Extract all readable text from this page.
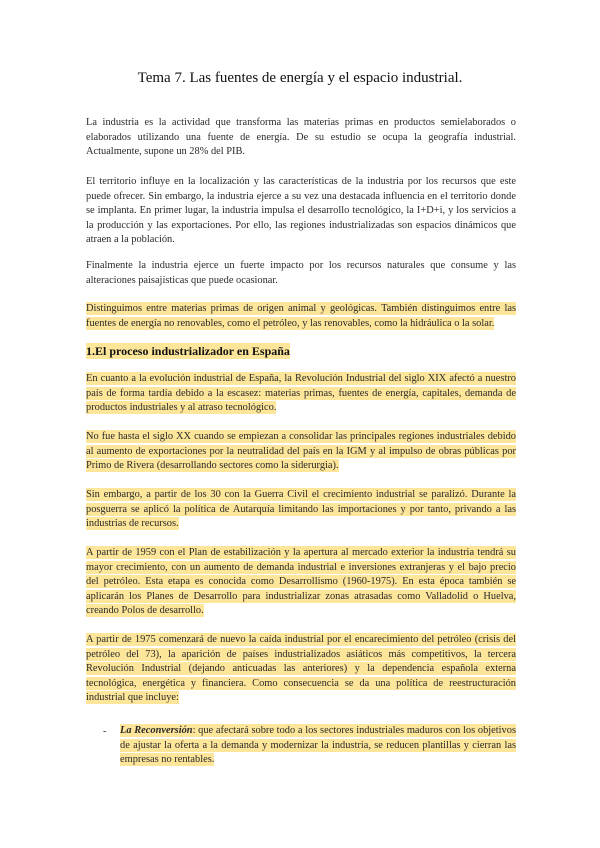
Tema 7. Las fuentes de energía y el espacio industrial.

La industria es la actividad que transforma las materias primas en productos semielaborados o elaborados utilizando una fuente de energía. De su estudio se ocupa la geografía industrial. Actualmente, supone un 28% del PIB.

El territorio influye en la localización y las características de la industria por los recursos que este puede ofrecer. Sin embargo, la industria ejerce a su vez una destacada influencia en el territorio donde se implanta. En primer lugar, la industria impulsa el desarrollo tecnológico, la I+D+i, y los servicios a la producción y las exportaciones. Por ello, las regiones industrializadas son espacios dinámicos que atraen a la población.

Finalmente la industria ejerce un fuerte impacto por los recursos naturales que consume y las alteraciones paisajísticas que puede ocasionar.

Distinguimos entre materias primas de origen animal y geológicas. También distinguimos entre las fuentes de energía no renovables, como el petróleo, y las renovables, como la hidráulica o la solar.

1.El proceso industrializador en España

En cuanto a la evolución industrial de España, la Revolución Industrial del siglo XIX afectó a nuestro país de forma tardía debido a la escasez: materias primas, fuentes de energía, capitales, demanda de productos industriales y al atraso tecnológico.

No fue hasta el siglo XX cuando se empiezan a consolidar las principales regiones industriales debido al aumento de exportaciones por la neutralidad del país en la IGM y al impulso de obras públicas por Primo de Rivera (desarrollando sectores como la siderurgia).

Sin embargo, a partir de los 30 con la Guerra Civil el crecimiento industrial se paralizó. Durante la posguerra se aplicó la política de Autarquía limitando las importaciones y por tanto, privando a las industrias de recursos.

A partir de 1959 con el Plan de estabilización y la apertura al mercado exterior la industria tendrá su mayor crecimiento, con un aumento de demanda industrial e inversiones extranjeras y el bajo precio del petróleo. Esta etapa es conocida como Desarrollismo (1960-1975). En esta época también se aplicarán los Planes de Desarrollo para industrializar zonas atrasadas como Valladolid o Huelva, creando Polos de desarrollo.

A partir de 1975 comenzará de nuevo la caída industrial por el encarecimiento del petróleo (crisis del petróleo del 73), la aparición de países industrializados asiáticos más competitivos, la tercera Revolución Industrial (dejando anticuadas las anteriores) y la dependencia española externa tecnológica, energética y financiera. Como consecuencia se da una política de reestructuración industrial que incluye:

- La Reconversión: que afectará sobre todo a los sectores industriales maduros con los objetivos de ajustar la oferta a la demanda y modernizar la industria, se reducen plantillas y cierran las empresas no rentables.
